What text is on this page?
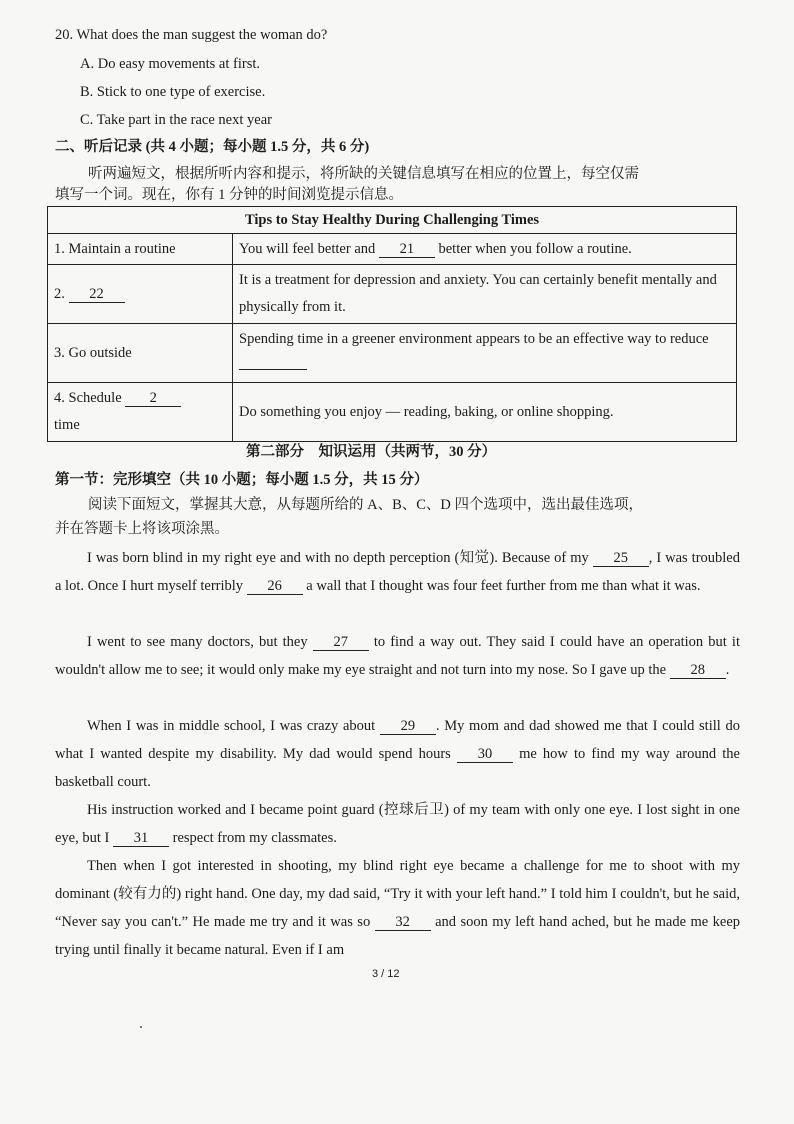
20. What does the man suggest the woman do?
A. Do easy movements at first.
B. Stick to one type of exercise.
C. Take part in the race next year
二、听后记录 (共 4 小题；每小题 1.5 分，共 6 分)
听两遍短文，根据所听内容和提示，将所缺的关键信息填写在相应的位置上，每空仅需
填写一个词。现在，你有 1 分钟的时间浏览提示信息。
Tips to Stay Healthy During Challenging Times	
1. Maintain a routine	You will feel better and 21 better when you follow a routine.
2. 22	It is a treatment for depression and anxiety. You can certainly benefit mentally and physically from it.
3. Go outside	Spending time in a greener environment appears to be an effective way to reduce
4. Schedule 2
time	Do something you enjoy — reading, baking, or online shopping.
第二部分　知识运用（共两节，30 分）
第一节：完形填空（共 10 小题；每小题 1.5 分，共 15 分）
阅读下面短文，掌握其大意，从每题所给的 A、B、C、D 四个选项中，选出最佳选项，
并在答题卡上将该项涂黑。
I was born blind in my right eye and with no depth perception (知觉). Because of my 25 , I was troubled a lot. Once I hurt myself terribly 26 a wall that I thought was four feet further from me than what it was.
I went to see many doctors, but they 27 to find a way out. They said I could have an operation but it wouldn't allow me to see; it would only make my eye straight and not turn into my nose. So I gave up the 28 .
When I was in middle school, I was crazy about 29 . My mom and dad showed me that I could still do what I wanted despite my disability. My dad would spend hours 30 me how to find my way around the basketball court.
His instruction worked and I became point guard (控球后卫) of my team with only one eye. I lost sight in one eye, but I 31 respect from my classmates.
Then when I got interested in shooting, my blind right eye became a challenge for me to shoot with my dominant (较有力的) right hand. One day, my dad said, “Try it with your left hand.” I told him I couldn't, but he said, “Never say you can't.” He made me try and it was so 32 and soon my left hand ached, but he made me keep trying until finally it became natural. Even if I am
3 / 12
